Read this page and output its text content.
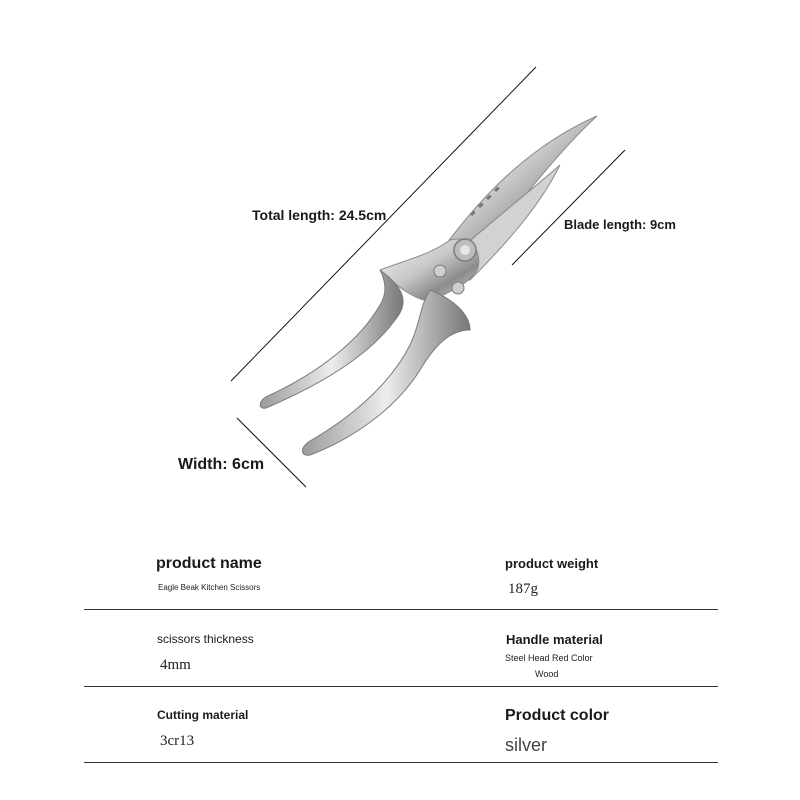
Total length: 24.5cm
Blade length: 9cm
Width: 6cm
product name
Eagle Beak Kitchen Scissors
product weight
187g
scissors thickness
4mm
Handle material
Steel Head Red Color
Wood
Cutting material
3cr13
Product color
silver
